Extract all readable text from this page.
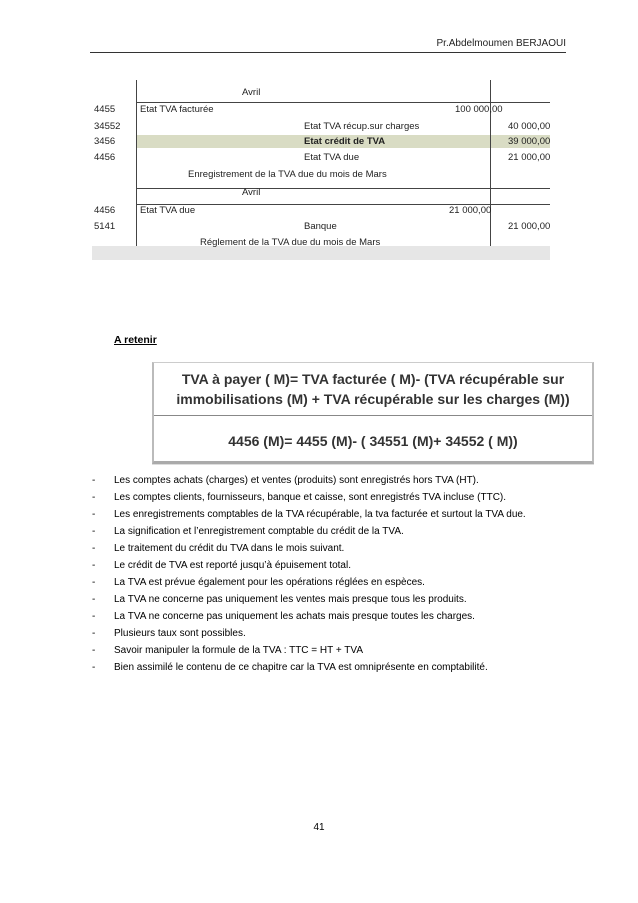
Pr.Abdelmoumen BERJAOUI
Avril
4455	Etat TVA facturée	100 000,00
34552	Etat TVA récup.sur charges	40 000,00
3456	Etat crédit de TVA	39 000,00
4456	Etat TVA due	21 000,00
Enregistrement de la TVA due du mois de Mars
Avril
4456	Etat TVA due	21 000,00
5141	Banque	21 000,00
Réglement de la TVA due du mois de Mars
A retenir
TVA à payer ( M)= TVA facturée ( M)- (TVA récupérable sur
immobilisations (M) + TVA récupérable sur les charges (M))
4456 (M)= 4455 (M)- ( 34551 (M)+ 34552 ( M))
- Les comptes achats (charges) et ventes (produits) sont enregistrés hors TVA (HT).
- Les comptes clients, fournisseurs, banque et caisse, sont enregistrés TVA incluse (TTC).
- Les enregistrements comptables de la TVA récupérable, la tva facturée et surtout la TVA due.
- La signification et l’enregistrement comptable du crédit de la TVA.
- Le traitement du crédit du TVA dans le mois suivant.
- Le crédit de TVA est reporté jusqu’à épuisement total.
- La TVA est prévue également pour les opérations réglées en espèces.
- La TVA ne concerne pas uniquement les ventes mais presque tous les produits.
- La TVA ne concerne pas uniquement les achats mais presque toutes les charges.
- Plusieurs taux sont possibles.
- Savoir manipuler la formule de la TVA : TTC = HT + TVA
- Bien assimilé le contenu de ce chapitre car la TVA est omniprésente en comptabilité.
41
